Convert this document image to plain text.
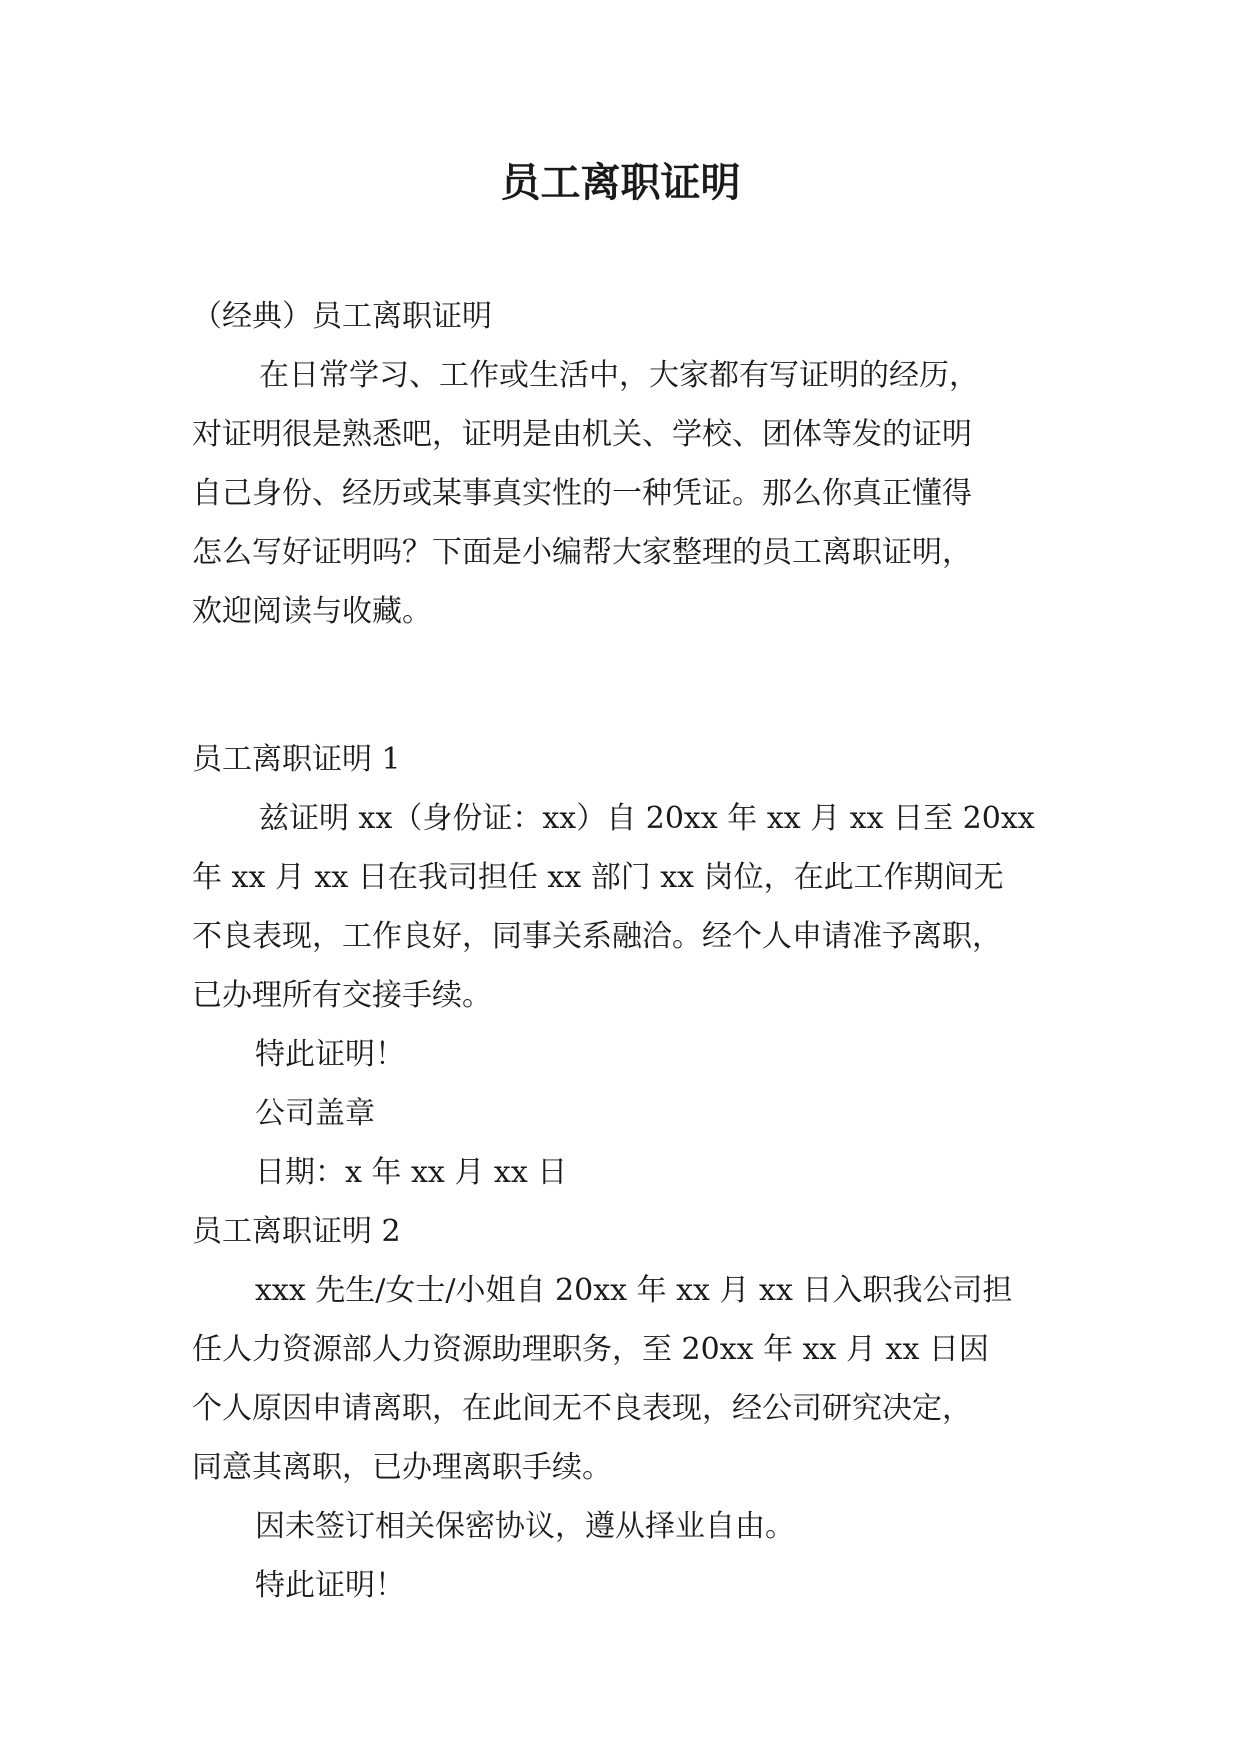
员工离职证明

（经典）员工离职证明

在日常学习、工作或生活中，大家都有写证明的经历，

对证明很是熟悉吧，证明是由机关、学校、团体等发的证明

自己身份、经历或某事真实性的一种凭证。那么你真正懂得

怎么写好证明吗？下面是小编帮大家整理的员工离职证明，

欢迎阅读与收藏。

员工离职证明 1

兹证明 xx（身份证：xx）自 20xx 年 xx 月 xx 日至 20xx

年 xx 月 xx 日在我司担任 xx 部门 xx 岗位，在此工作期间无

不良表现，工作良好，同事关系融洽。经个人申请准予离职，

已办理所有交接手续。

特此证明！

公司盖章

日期：x 年 xx 月 xx 日

员工离职证明 2

xxx 先生/女士/小姐自 20xx 年 xx 月 xx 日入职我公司担

任人力资源部人力资源助理职务，至 20xx 年 xx 月 xx 日因

个人原因申请离职，在此间无不良表现，经公司研究决定，

同意其离职，已办理离职手续。

因未签订相关保密协议，遵从择业自由。

特此证明！
